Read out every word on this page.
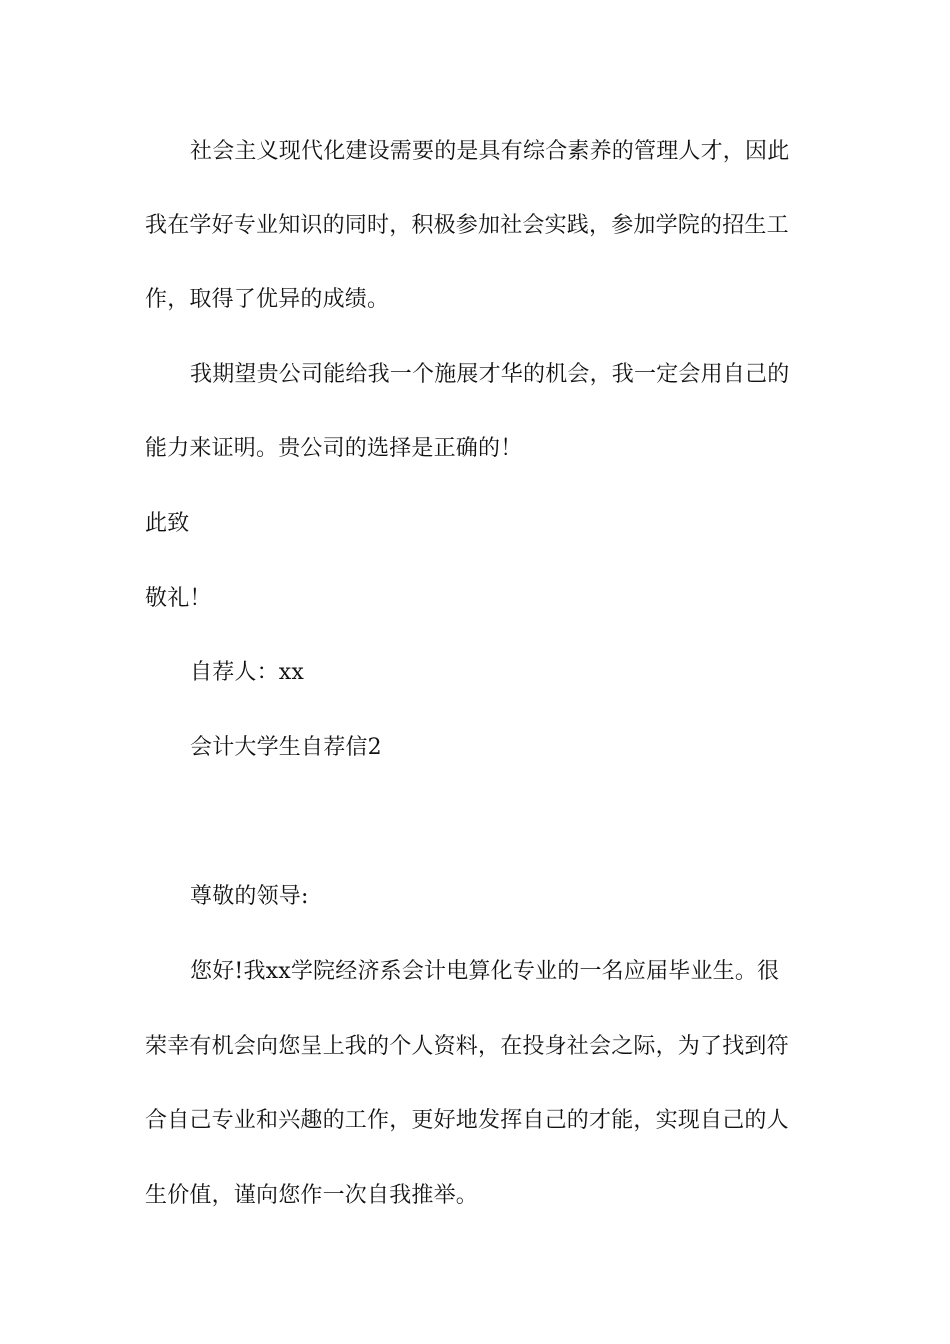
社会主义现代化建设需要的是具有综合素养的管理人才，因此
我在学好专业知识的同时，积极参加社会实践，参加学院的招生工
作，取得了优异的成绩。
我期望贵公司能给我一个施展才华的机会，我一定会用自己的
能力来证明。贵公司的选择是正确的！
此致
敬礼！
自荐人：xx
会计大学生自荐信2
尊敬的领导:
您好!我xx学院经济系会计电算化专业的一名应届毕业生。很
荣幸有机会向您呈上我的个人资料，在投身社会之际，为了找到符
合自己专业和兴趣的工作，更好地发挥自己的才能，实现自己的人
生价值，谨向您作一次自我推举。
